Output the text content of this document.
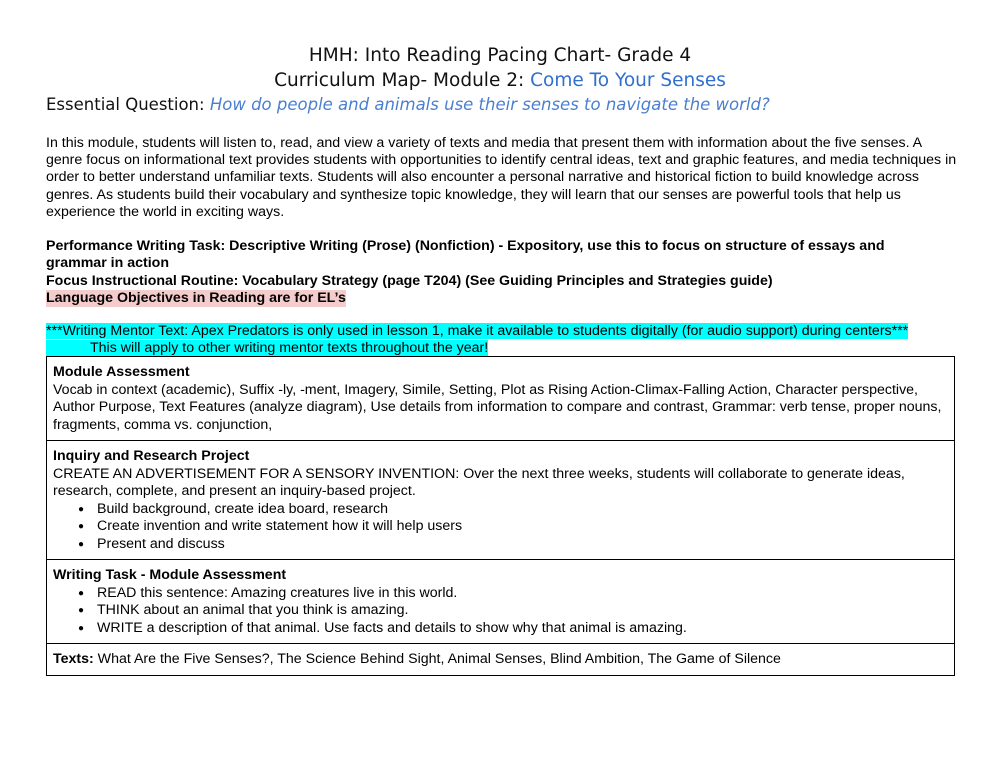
HMH: Into Reading Pacing Chart- Grade 4
Curriculum Map- Module 2: Come To Your Senses
Essential Question: How do people and animals use their senses to navigate the world?
In this module, students will listen to, read, and view a variety of texts and media that present them with information about the five senses. A genre focus on informational text provides students with opportunities to identify central ideas, text and graphic features, and media techniques in order to better understand unfamiliar texts. Students will also encounter a personal narrative and historical fiction to build knowledge across genres. As students build their vocabulary and synthesize topic knowledge, they will learn that our senses are powerful tools that help us experience the world in exciting ways.
Performance Writing Task: Descriptive Writing (Prose) (Nonfiction) - Expository, use this to focus on structure of essays and grammar in action
Focus Instructional Routine: Vocabulary Strategy (page T204) (See Guiding Principles and Strategies guide)
Language Objectives in Reading are for EL’s
***Writing Mentor Text: Apex Predators is only used in lesson 1, make it available to students digitally (for audio support) during centers***
This will apply to other writing mentor texts throughout the year!
Module Assessment
Vocab in context (academic), Suffix -ly, -ment, Imagery, Simile, Setting, Plot as Rising Action-Climax-Falling Action, Character perspective, Author Purpose, Text Features (analyze diagram), Use details from information to compare and contrast, Grammar: verb tense, proper nouns, fragments, comma vs. conjunction,
Inquiry and Research Project
CREATE AN ADVERTISEMENT FOR A SENSORY INVENTION: Over the next three weeks, students will collaborate to generate ideas, research, complete, and present an inquiry-based project.
● Build background, create idea board, research
● Create invention and write statement how it will help users
● Present and discuss
Writing Task - Module Assessment
● READ this sentence: Amazing creatures live in this world.
● THINK about an animal that you think is amazing.
● WRITE a description of that animal. Use facts and details to show why that animal is amazing.
Texts: What Are the Five Senses?, The Science Behind Sight, Animal Senses, Blind Ambition, The Game of Silence
